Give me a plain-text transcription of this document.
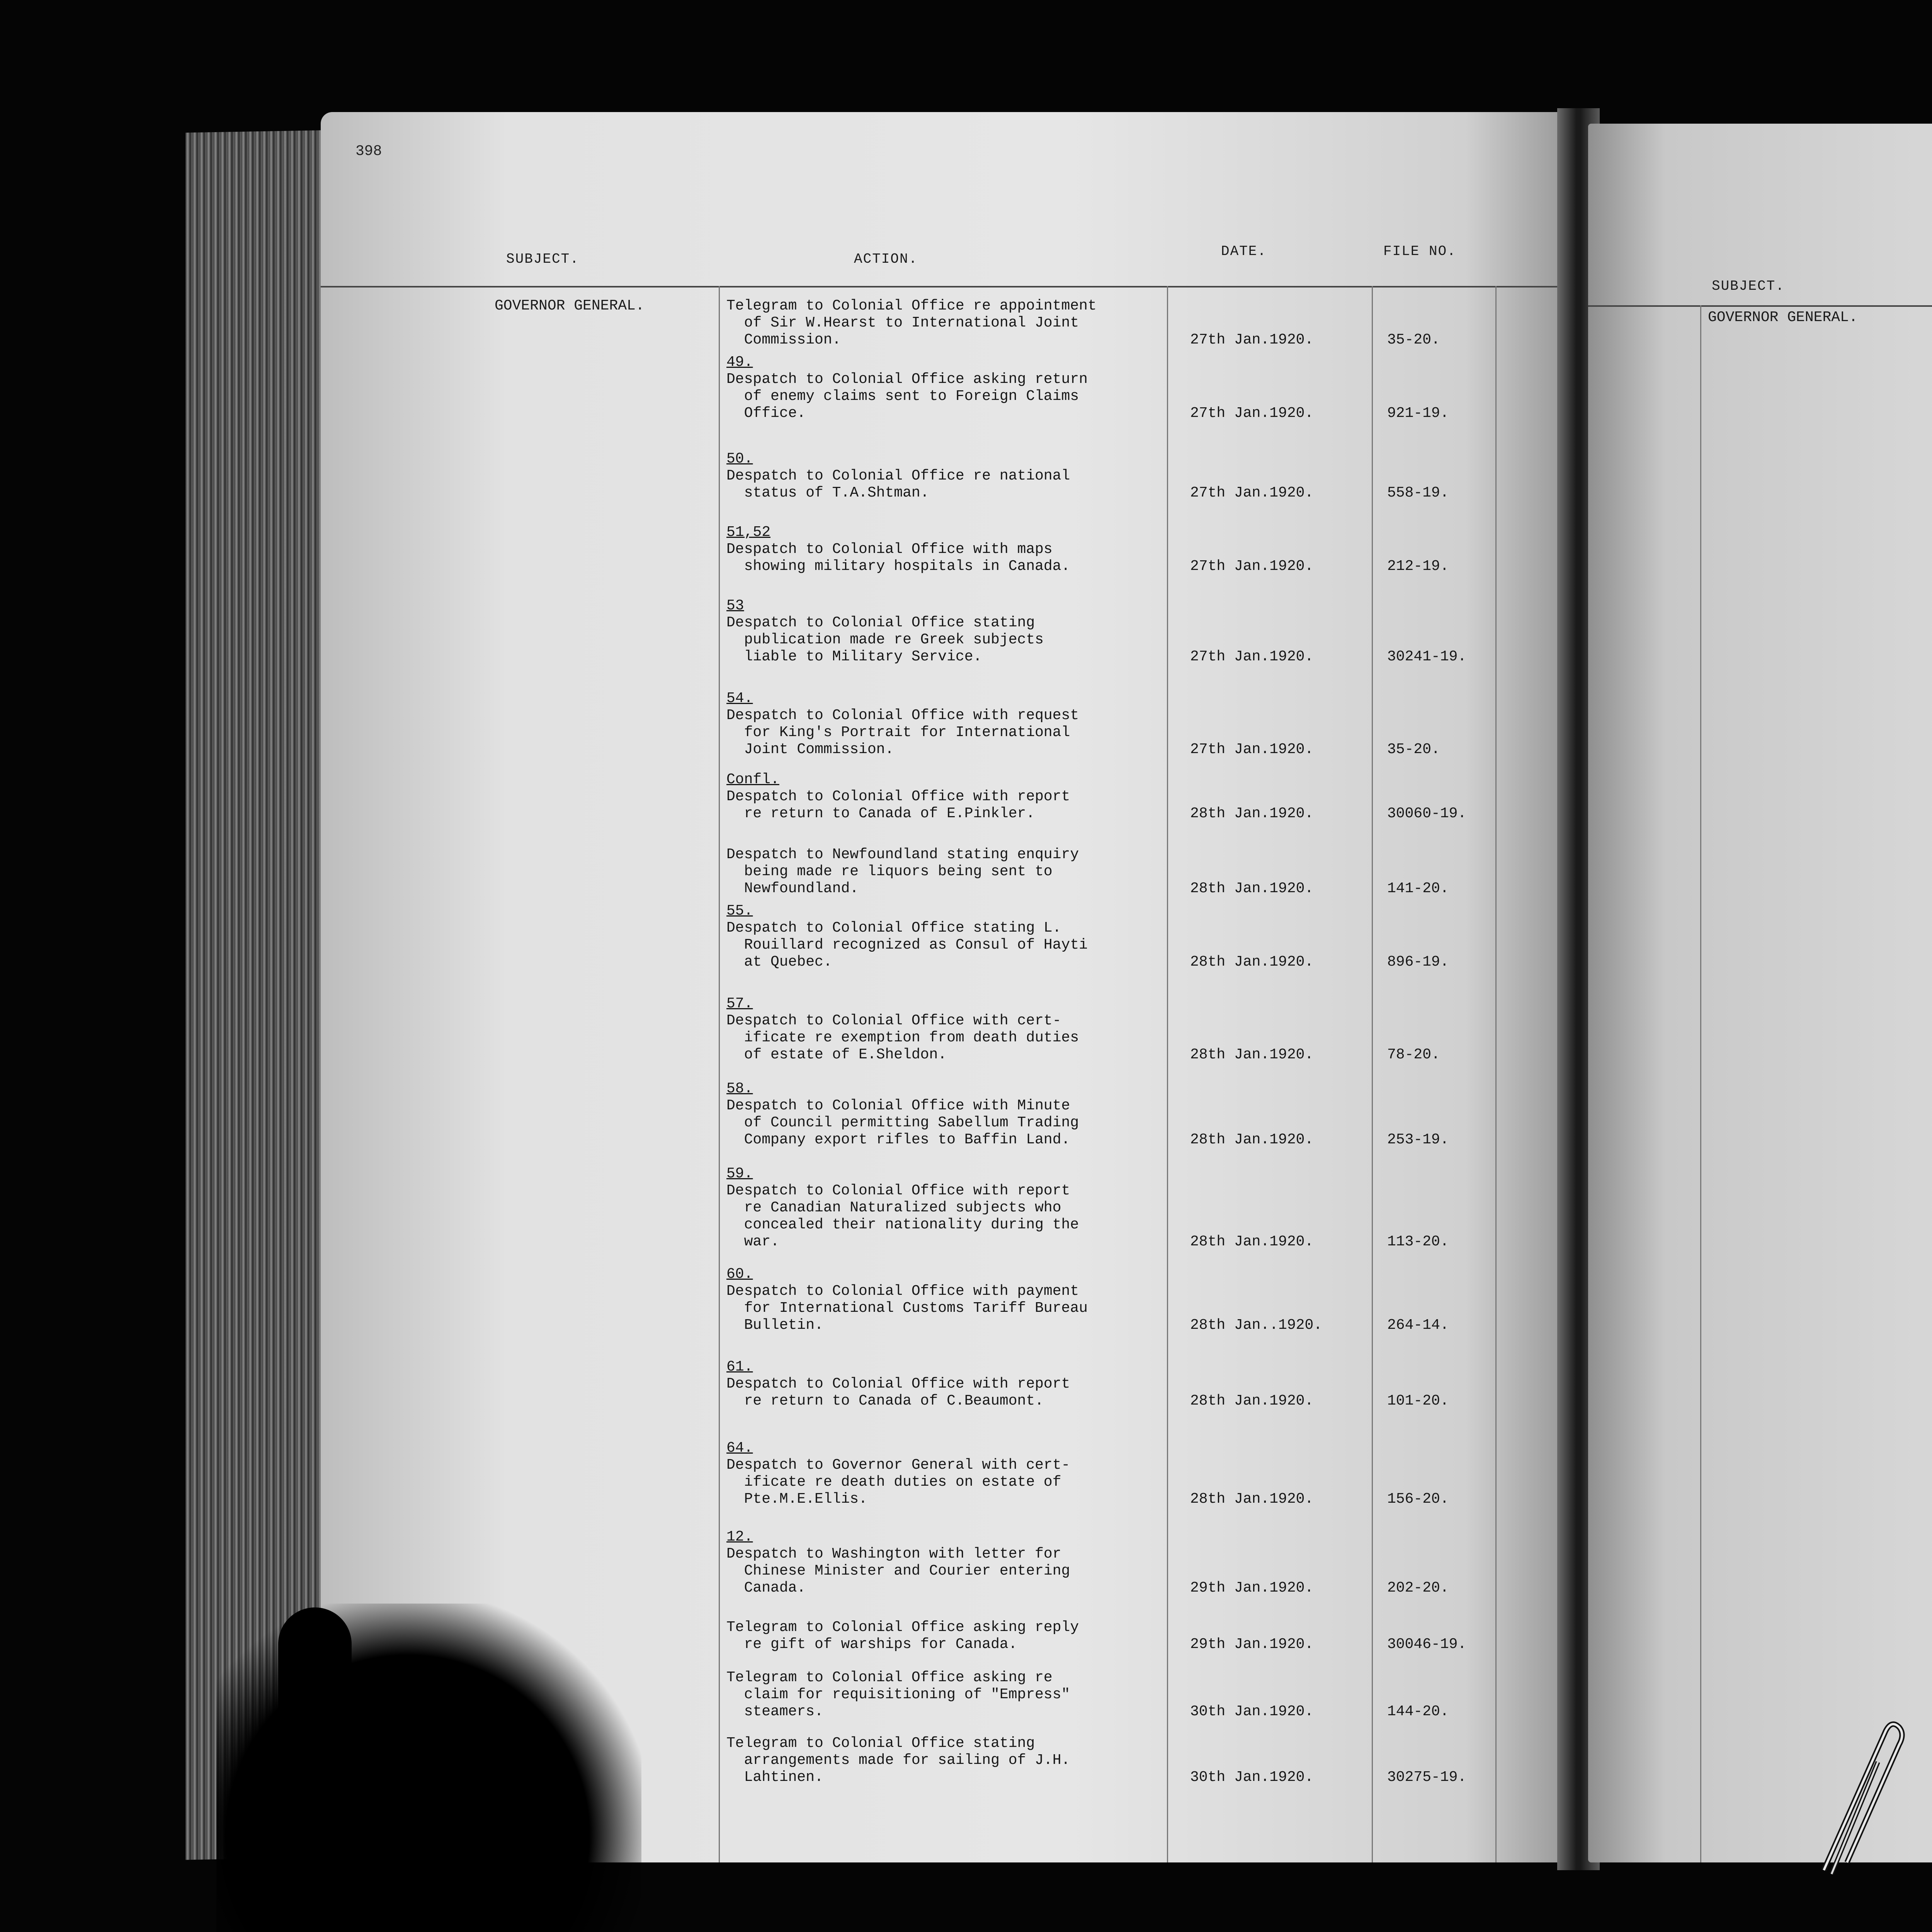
398
SUBJECT.	ACTION.	DATE.	FILE NO.
GOVERNOR GENERAL.	Telegram to Colonial Office re appointment
of Sir W.Hearst to International Joint
Commission.	27th Jan.1920.	35-20.
49.
Despatch to Colonial Office asking return
of enemy claims sent to Foreign Claims
Office.	27th Jan.1920.	921-19.
50.
Despatch to Colonial Office re national
status of T.A.Shtman.	27th Jan.1920.	558-19.
51,52
Despatch to Colonial Office with maps
showing military hospitals in Canada.	27th Jan.1920.	212-19.
53
Despatch to Colonial Office stating
publication made re Greek subjects
liable to Military Service.	27th Jan.1920.	30241-19.
54.
Despatch to Colonial Office with request
for King's Portrait for International
Joint Commission.	27th Jan.1920.	35-20.
Confl.
Despatch to Colonial Office with report
re return to Canada of E.Pinkler.	28th Jan.1920.	30060-19.
Despatch to Newfoundland stating enquiry
being made re liquors being sent to
Newfoundland.	28th Jan.1920.	141-20.
55.
Despatch to Colonial Office stating L.
Rouillard recognized as Consul of Hayti
at Quebec.	28th Jan.1920.	896-19.
57.
Despatch to Colonial Office with cert-
ificate re exemption from death duties
of estate of E.Sheldon.	28th Jan.1920.	78-20.
58.
Despatch to Colonial Office with Minute
of Council permitting Sabellum Trading
Company export rifles to Baffin Land.	28th Jan.1920.	253-19.
59.
Despatch to Colonial Office with report
re Canadian Naturalized subjects who
concealed their nationality during the
war.	28th Jan.1920.	113-20.
60.
Despatch to Colonial Office with payment
for International Customs Tariff Bureau
Bulletin.	28th Jan..1920.	264-14.
61.
Despatch to Colonial Office with report
re return to Canada of C.Beaumont.	28th Jan.1920.	101-20.
64.
Despatch to Governor General with cert-
ificate re death duties on estate of
Pte.M.E.Ellis.	28th Jan.1920.	156-20.
12.
Despatch to Washington with letter for
Chinese Minister and Courier entering
Canada.	29th Jan.1920.	202-20.
Telegram to Colonial Office asking reply
re gift of warships for Canada.	29th Jan.1920.	30046-19.
Telegram to Colonial Office asking re
claim for requisitioning of "Empress"
steamers.	30th Jan.1920.	144-20.
Telegram to Colonial Office stating
arrangements made for sailing of J.H.
Lahtinen.	30th Jan.1920.	30275-19.
SUBJECT.
GOVERNOR GENERAL.
